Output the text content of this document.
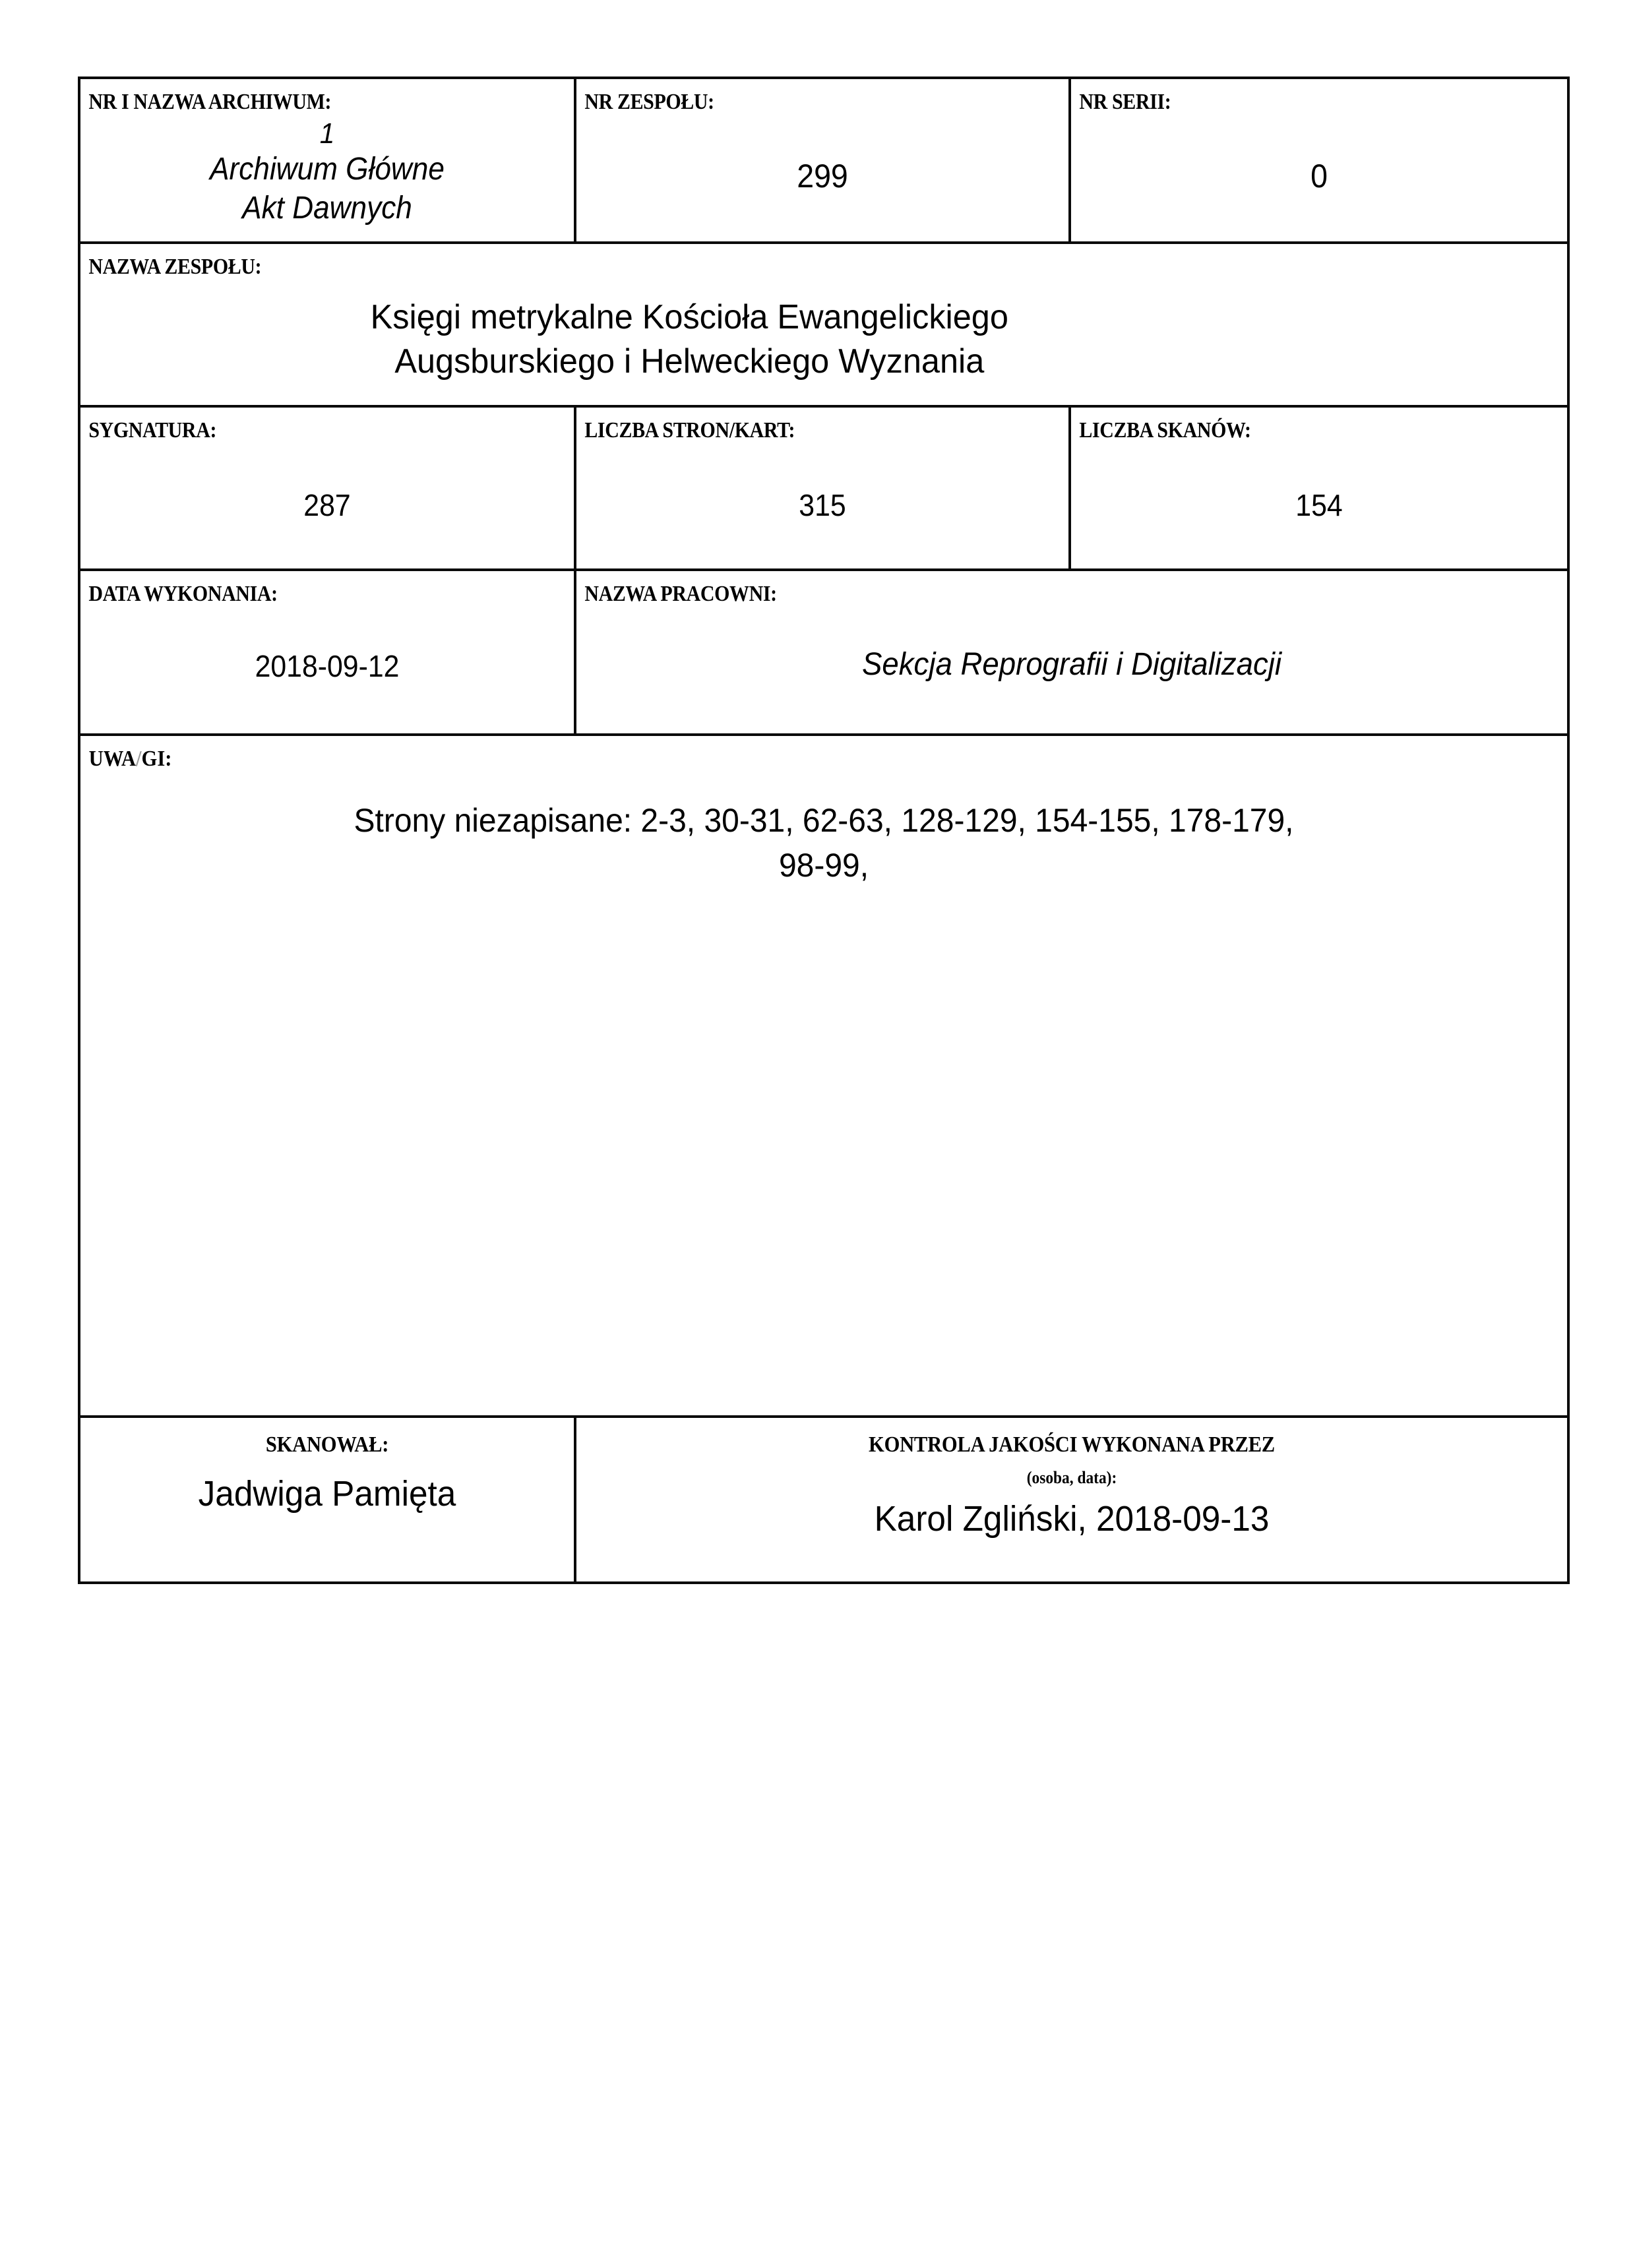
NR I NAZWA ARCHIWUM:
1
Archiwum Główne
Akt Dawnych

NR ZESPOŁU:
299

NR SERII:
0

NAZWA ZESPOŁU:
Księgi metrykalne Kościoła Ewangelickiego
Augsburskiego i Helweckiego Wyznania		

SYGNATURA:
287	LICZBA STRON/KART:
315	LICZBA SKANÓW:
154

DATA WYKONANIA:
2018-09-12	NAZWA PRACOWNI:
Sekcja Reprografii i Digitalizacji	

UWA/GI:
Strony niezapisane: 2-3, 30-31, 62-63, 128-129, 154-155, 178-179,
98-99,		

SKANOWAŁ:
Jadwiga Pamięta	KONTROLA JAKOŚCI WYKONANA PRZEZ
(osoba, data):
Karol Zgliński, 2018-09-13	
